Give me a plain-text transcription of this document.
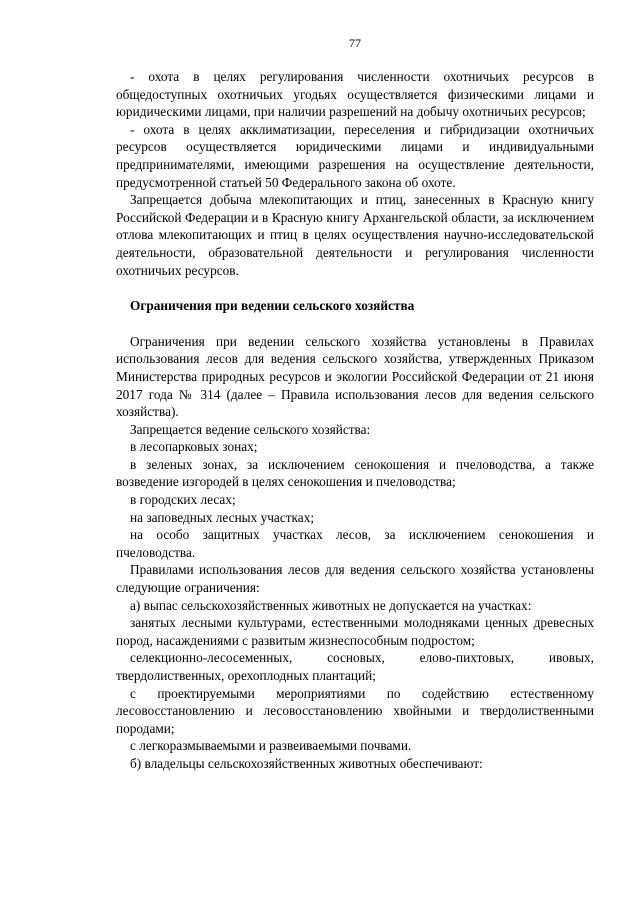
77

- охота в целях регулирования численности охотничьих ресурсов в общедоступных охотничьих угодьях осуществляется физическими лицами и юридическими лицами, при наличии разрешений на добычу охотничьих ресурсов;

- охота в целях акклиматизации, переселения и гибридизации охотничьих ресурсов осуществляется юридическими лицами и индивидуальными предпринимателями, имеющими разрешения на осуществление деятельности, предусмотренной статьей 50 Федерального закона об охоте.

Запрещается добыча млекопитающих и птиц, занесенных в Красную книгу Российской Федерации и в Красную книгу Архангельской области, за исключением отлова млекопитающих и птиц в целях осуществления научно-исследовательской деятельности, образовательной деятельности и регулирования численности охотничьих ресурсов.

Ограничения при ведении сельского хозяйства

Ограничения при ведении сельского хозяйства установлены в Правилах использования лесов для ведения сельского хозяйства, утвержденных Приказом Министерства природных ресурсов и экологии Российской Федерации от 21 июня 2017 года № 314 (далее – Правила использования лесов для ведения сельского хозяйства).

Запрещается ведение сельского хозяйства:

в лесопарковых зонах;

в зеленых зонах, за исключением сенокошения и пчеловодства, а также возведение изгородей в целях сенокошения и пчеловодства;

в городских лесах;

на заповедных лесных участках;

на особо защитных участках лесов, за исключением сенокошения и пчеловодства.

Правилами использования лесов для ведения сельского хозяйства установлены следующие ограничения:

а) выпас сельскохозяйственных животных не допускается на участках:

занятых лесными культурами, естественными молодняками ценных древесных пород, насаждениями с развитым жизнеспособным подростом;

селекционно-лесосеменных, сосновых, елово-пихтовых, ивовых, твердолиственных, орехоплодных плантаций;

с проектируемыми мероприятиями по содействию естественному лесовосстановлению и лесовосстановлению хвойными и твердолиственными породами;

с легкоразмываемыми и развеиваемыми почвами.

б) владельцы сельскохозяйственных животных обеспечивают:
